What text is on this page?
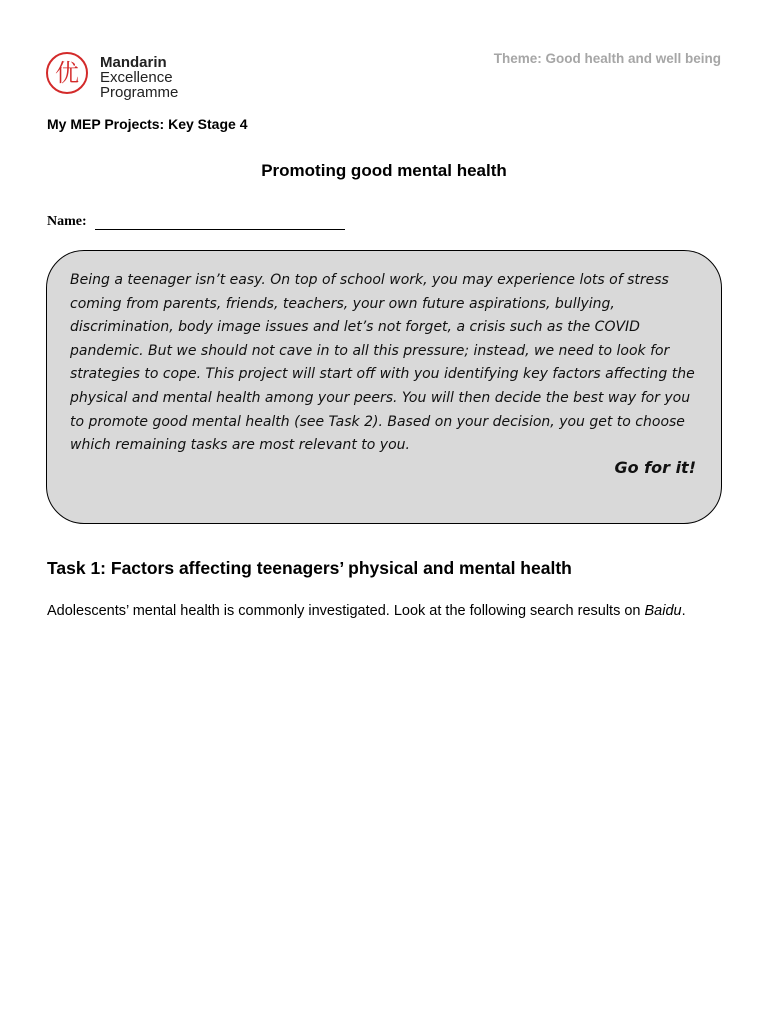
优	Mandarin
Excellence
Programme
Theme: Good health and well being
My MEP Projects: Key Stage 4
Promoting good mental health
Name:
Being a teenager isn’t easy. On top of school work, you may experience lots of stress coming from parents, friends, teachers, your own future aspirations, bullying, discrimination, body image issues and let’s not forget, a crisis such as the COVID pandemic. But we should not cave in to all this pressure; instead, we need to look for strategies to cope. This project will start off with you identifying key factors affecting the physical and mental health among your peers. You will then decide the best way for you to promote good mental health (see Task 2). Based on your decision, you get to choose which remaining tasks are most relevant to you.
Go for it!
Task 1: Factors affecting teenagers’ physical and mental health
Adolescents’ mental health is commonly investigated. Look at the following search results on Baidu.
